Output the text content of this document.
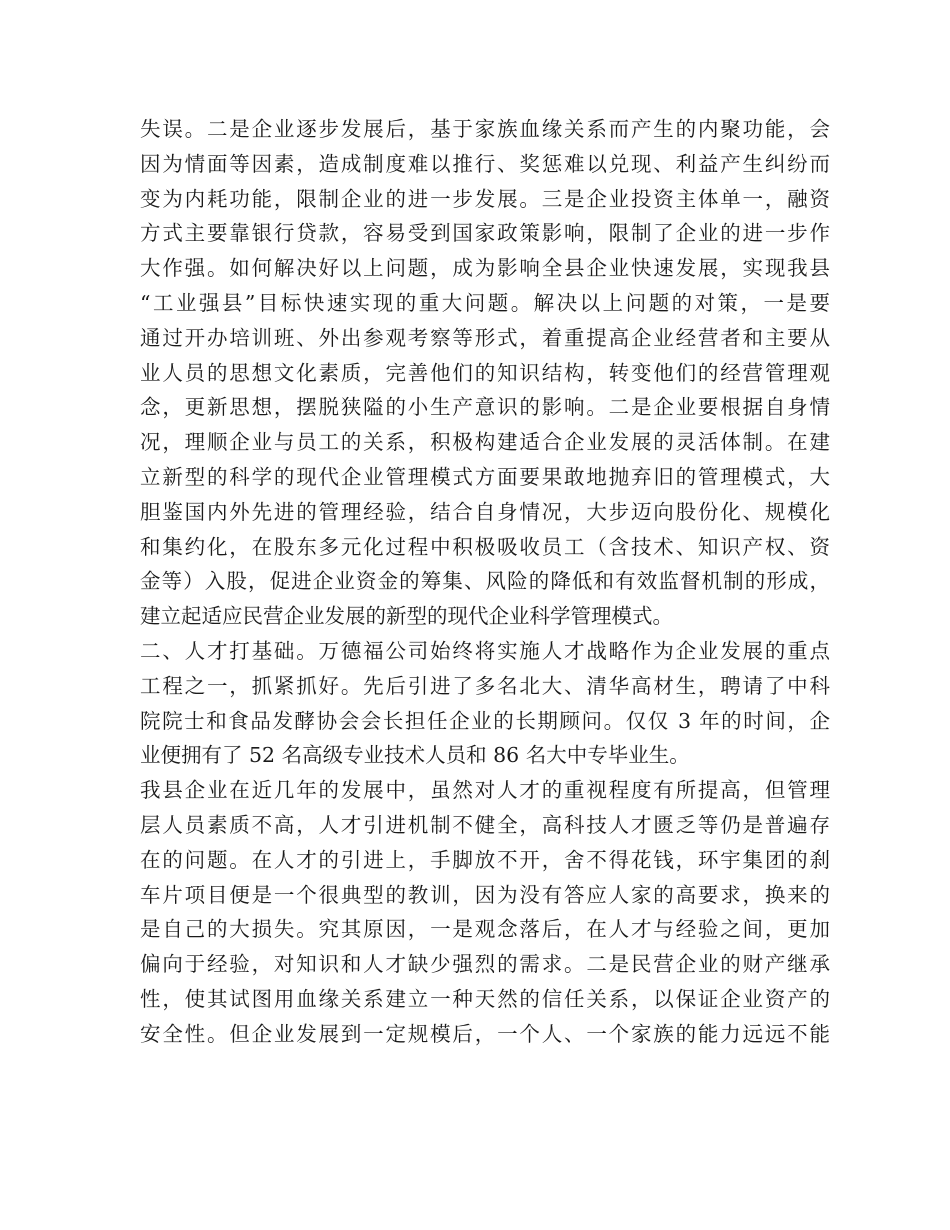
失误。二是企业逐步发展后，基于家族血缘关系而产生的内聚功能，会
因为情面等因素，造成制度难以推行、奖惩难以兑现、利益产生纠纷而
变为内耗功能，限制企业的进一步发展。三是企业投资主体单一，融资
方式主要靠银行贷款，容易受到国家政策影响，限制了企业的进一步作
大作强。如何解决好以上问题，成为影响全县企业快速发展，实现我县
“工业强县”目标快速实现的重大问题。解决以上问题的对策，一是要
通过开办培训班、外出参观考察等形式，着重提高企业经营者和主要从
业人员的思想文化素质，完善他们的知识结构，转变他们的经营管理观
念，更新思想，摆脱狭隘的小生产意识的影响。二是企业要根据自身情
况，理顺企业与员工的关系，积极构建适合企业发展的灵活体制。在建
立新型的科学的现代企业管理模式方面要果敢地抛弃旧的管理模式，大
胆鉴国内外先进的管理经验，结合自身情况，大步迈向股份化、规模化
和集约化，在股东多元化过程中积极吸收员工（含技术、知识产权、资
金等）入股，促进企业资金的筹集、风险的降低和有效监督机制的形成，
建立起适应民营企业发展的新型的现代企业科学管理模式。
二、人才打基础。万德福公司始终将实施人才战略作为企业发展的重点
工程之一，抓紧抓好。先后引进了多名北大、清华高材生，聘请了中科
院院士和食品发酵协会会长担任企业的长期顾问。仅仅 3 年的时间，企
业便拥有了 52 名高级专业技术人员和 86 名大中专毕业生。
我县企业在近几年的发展中，虽然对人才的重视程度有所提高，但管理
层人员素质不高，人才引进机制不健全，高科技人才匮乏等仍是普遍存
在的问题。在人才的引进上，手脚放不开，舍不得花钱，环宇集团的刹
车片项目便是一个很典型的教训，因为没有答应人家的高要求，换来的
是自己的大损失。究其原因，一是观念落后，在人才与经验之间，更加
偏向于经验，对知识和人才缺少强烈的需求。二是民营企业的财产继承
性，使其试图用血缘关系建立一种天然的信任关系，以保证企业资产的
安全性。但企业发展到一定规模后，一个人、一个家族的能力远远不能
